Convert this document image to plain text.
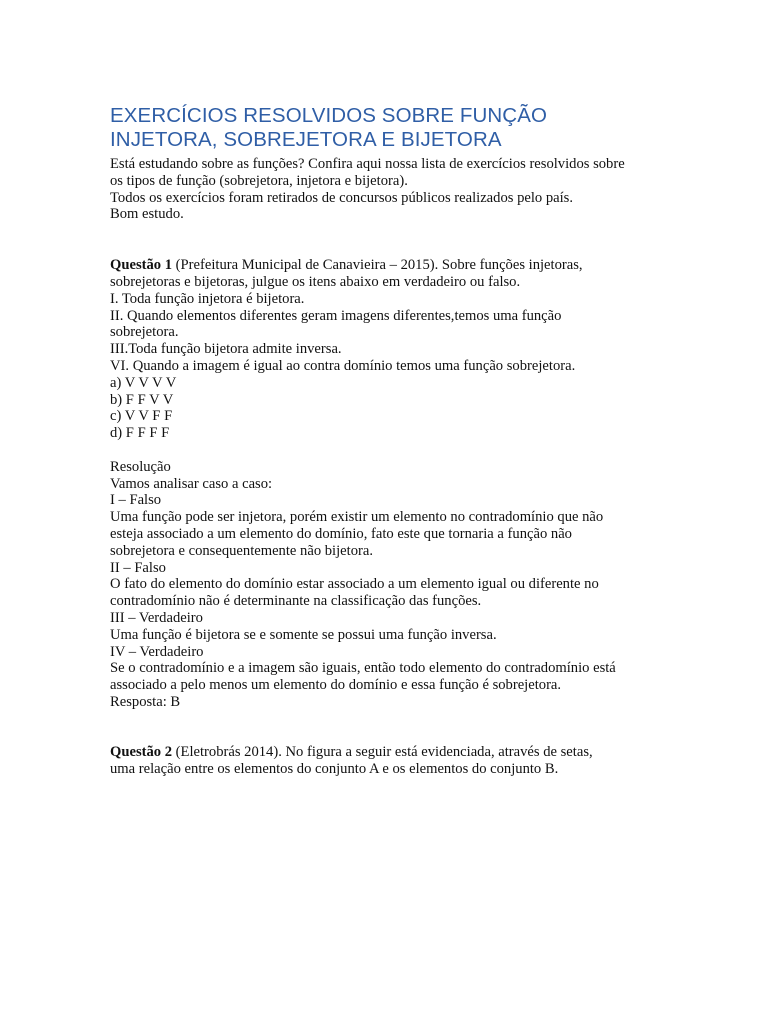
EXERCÍCIOS RESOLVIDOS SOBRE FUNÇÃO
INJETORA, SOBREJETORA E BIJETORA
Está estudando sobre as funções? Confira aqui nossa lista de exercícios resolvidos sobre
os tipos de função (sobrejetora, injetora e bijetora).
Todos os exercícios foram retirados de concursos públicos realizados pelo país.
Bom estudo.
Questão 1 (Prefeitura Municipal de Canavieira – 2015). Sobre funções injetoras,
sobrejetoras e bijetoras, julgue os itens abaixo em verdadeiro ou falso.
I. Toda função injetora é bijetora.
II. Quando elementos diferentes geram imagens diferentes,temos uma função
sobrejetora.
III.Toda função bijetora admite inversa.
VI. Quando a imagem é igual ao contra domínio temos uma função sobrejetora.
a) V V V V
b) F F V V
c) V V F F
d) F F F F
Resolução
Vamos analisar caso a caso:
I – Falso
Uma função pode ser injetora, porém existir um elemento no contradomínio que não
esteja associado a um elemento do domínio, fato este que tornaria a função não
sobrejetora e consequentemente não bijetora.
II – Falso
O fato do elemento do domínio estar associado a um elemento igual ou diferente no
contradomínio não é determinante na classificação das funções.
III – Verdadeiro
Uma função é bijetora se e somente se possui uma função inversa.
IV – Verdadeiro
Se o contradomínio e a imagem são iguais, então todo elemento do contradomínio está
associado a pelo menos um elemento do domínio e essa função é sobrejetora.
Resposta: B
Questão 2 (Eletrobrás 2014). No figura a seguir está evidenciada, através de setas,
uma relação entre os elementos do conjunto A e os elementos do conjunto B.
